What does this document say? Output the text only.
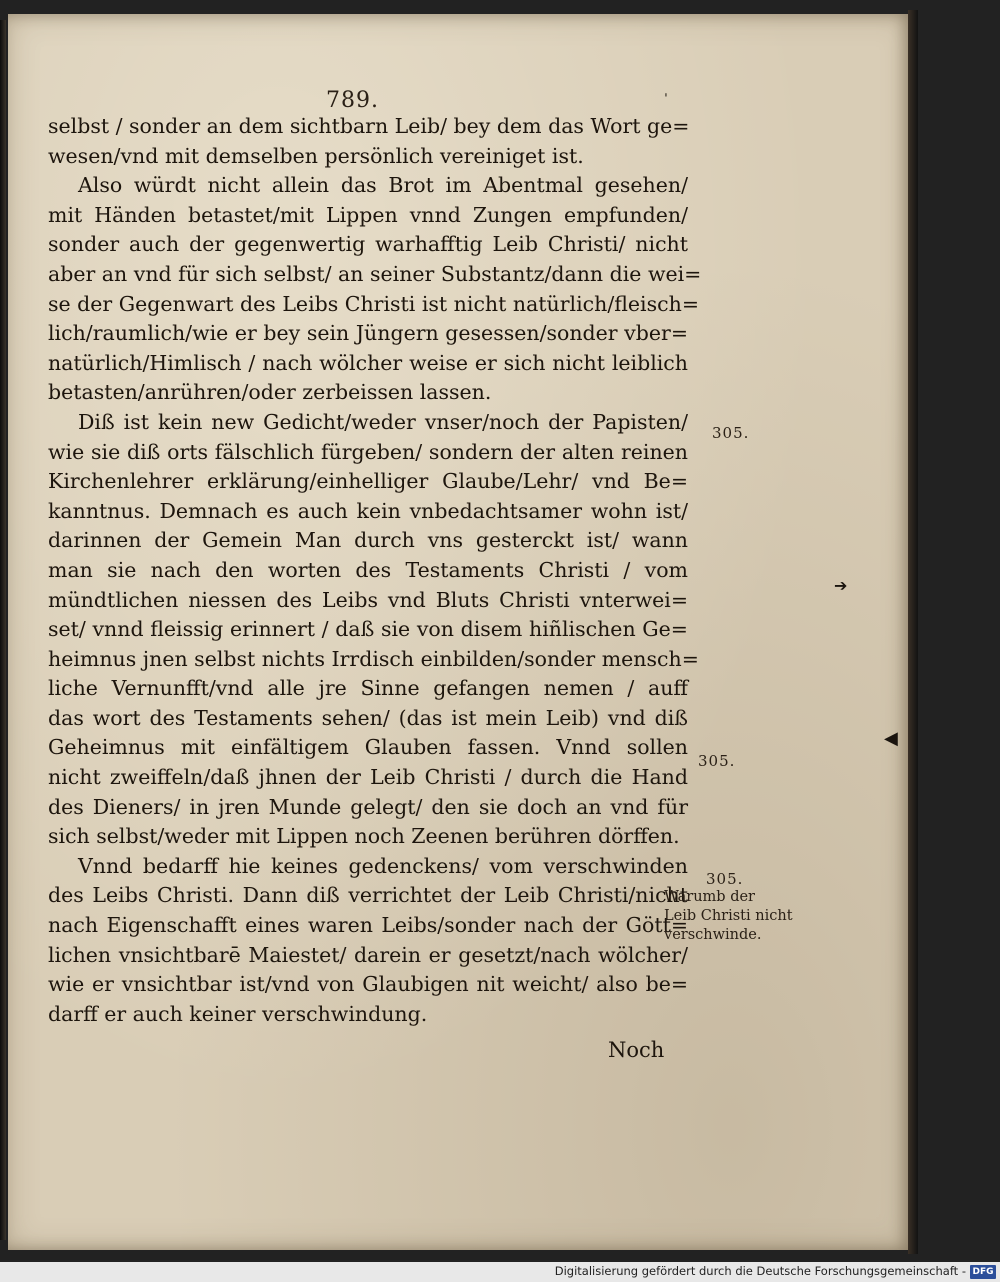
789.
selbst / sonder an dem sichtbarn Leib/ bey dem das Wort ge=
wesen/vnd mit demselben persönlich vereiniget ist.
Also würdt nicht allein das Brot im Abentmal gesehen/
mit Händen betastet/mit Lippen vnnd Zungen empfunden/
sonder auch der gegenwertig warhafftig Leib Christi/ nicht
aber an vnd für sich selbst/ an seiner Substantz/dann die wei=
se der Gegenwart des Leibs Christi ist nicht natürlich/fleisch=
lich/raumlich/wie er bey sein Jüngern gesessen/sonder vber=
natürlich/Himlisch / nach wölcher weise er sich nicht leiblich
betasten/anrühren/oder zerbeissen lassen.
Diß ist kein new Gedicht/weder vnser/noch der Papisten/
wie sie diß orts fälschlich fürgeben/ sondern der alten reinen
Kirchenlehrer erklärung/einhelliger Glaube/Lehr/ vnd Be=
kanntnus. Demnach es auch kein vnbedachtsamer wohn ist/
darinnen der Gemein Man durch vns gesterckt ist/ wann
man sie nach den worten des Testaments Christi / vom
mündtlichen niessen des Leibs vnd Bluts Christi vnterwei=
set/ vnnd fleissig erinnert / daß sie von disem hiñlischen Ge=
heimnus jnen selbst nichts Irrdisch einbilden/sonder mensch=
liche Vernunfft/vnd alle jre Sinne gefangen nemen / auff
das wort des Testaments sehen/ (das ist mein Leib) vnd diß
Geheimnus mit einfältigem Glauben fassen. Vnnd sollen
nicht zweiffeln/daß jhnen der Leib Christi / durch die Hand
des Dieners/ in jren Munde gelegt/ den sie doch an vnd für
sich selbst/weder mit Lippen noch Zeenen berühren dörffen.
Vnnd bedarff hie keines gedenckens/ vom verschwinden
des Leibs Christi. Dann diß verrichtet der Leib Christi/nicht
nach Eigenschafft eines waren Leibs/sonder nach der Gött=
lichen vnsichtbarē Maiestet/ darein er gesetzt/nach wölcher/
wie er vnsichtbar ist/vnd von Glaubigen nit weicht/ also be=
darff er auch keiner verschwindung.
Noch
305.
305.
305.
Warumb der
Leib Christi nicht
verschwinde.
ˈ
➔
◀
Digitalisierung gefördert durch die Deutsche Forschungsgemeinschaft - DFG
